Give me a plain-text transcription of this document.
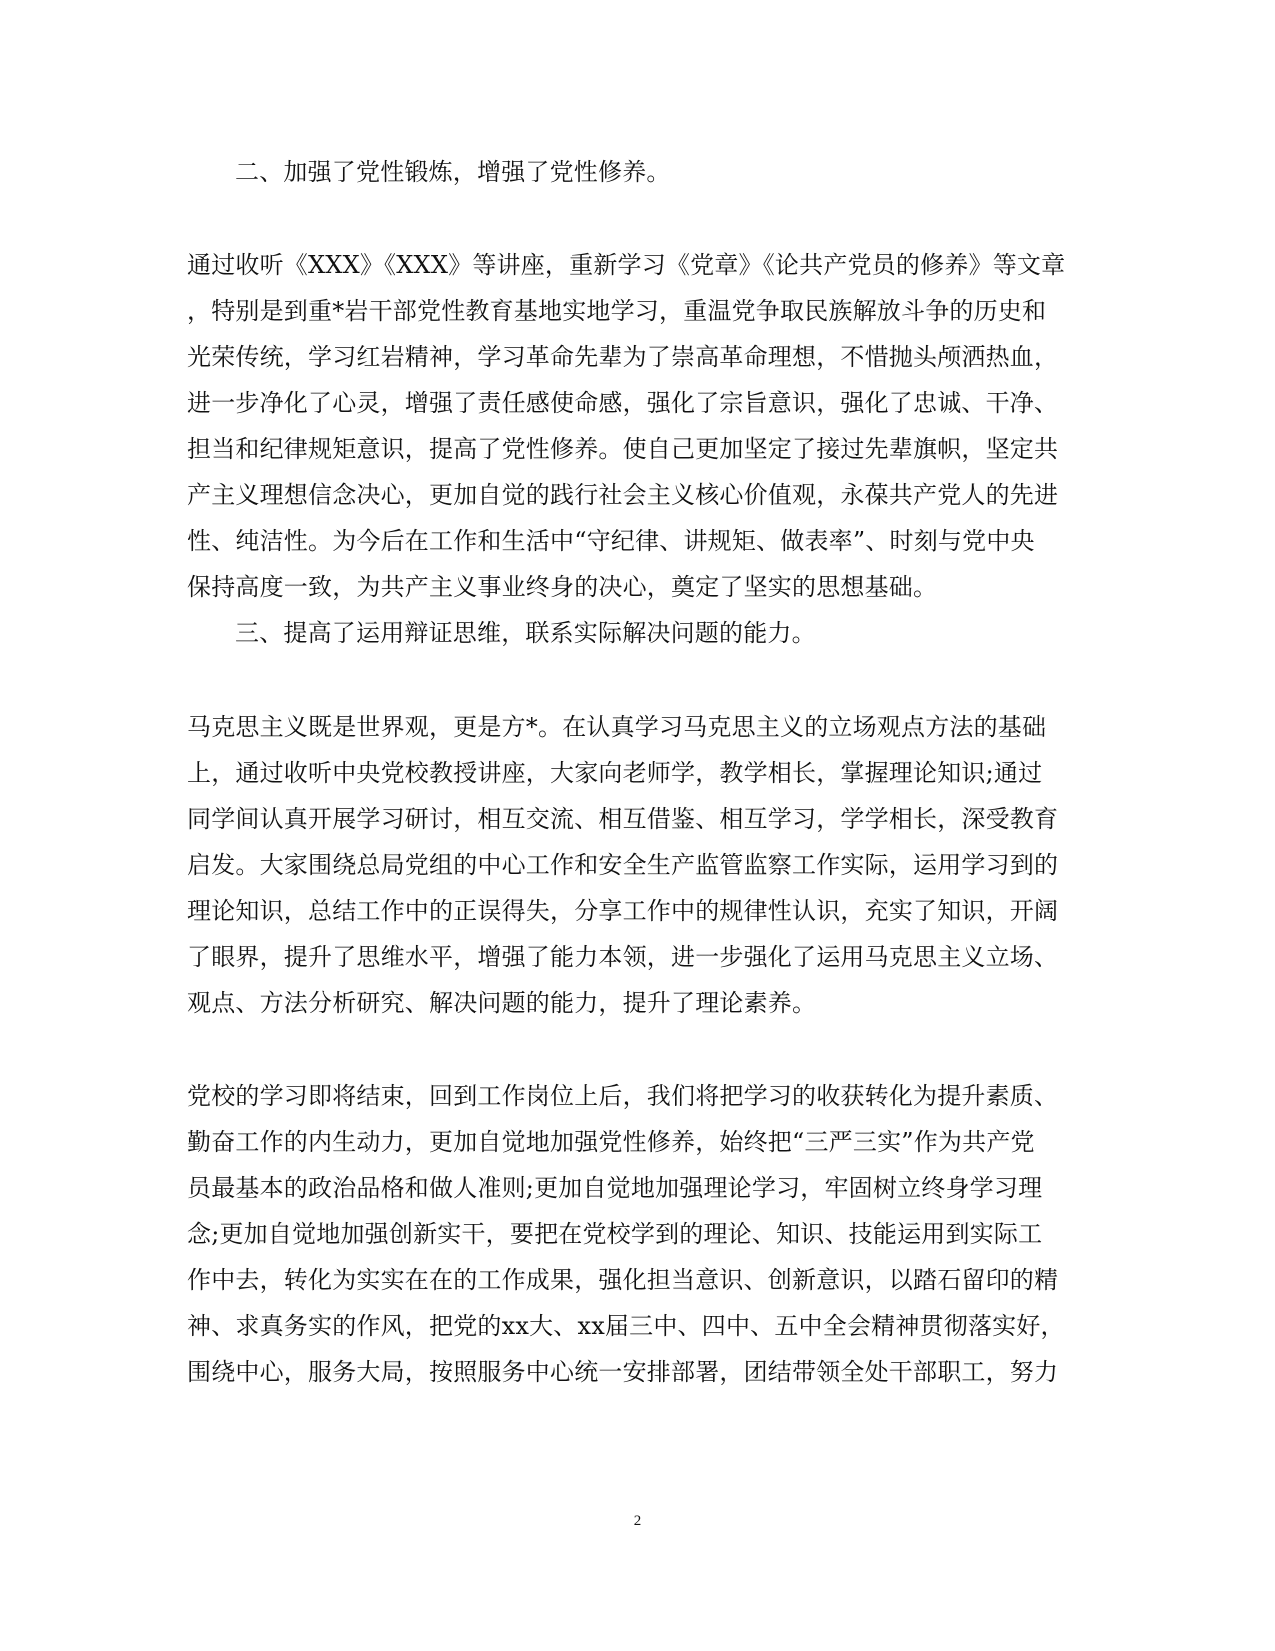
二、加强了党性锻炼，增强了党性修养。
通过收听《XXX》《XXX》等讲座，重新学习《党章》《论共产党员的修养》等文章
，特别是到重*岩干部党性教育基地实地学习，重温党争取民族解放斗争的历史和
光荣传统，学习红岩精神，学习革命先辈为了崇高革命理想，不惜抛头颅洒热血，
进一步净化了心灵，增强了责任感使命感，强化了宗旨意识，强化了忠诚、干净、
担当和纪律规矩意识，提高了党性修养。使自己更加坚定了接过先辈旗帜，坚定共
产主义理想信念决心，更加自觉的践行社会主义核心价值观，永葆共产党人的先进
性、纯洁性。为今后在工作和生活中“守纪律、讲规矩、做表率”、时刻与党中央
保持高度一致，为共产主义事业终身的决心，奠定了坚实的思想基础。
三、提高了运用辩证思维，联系实际解决问题的能力。
马克思主义既是世界观，更是方*。在认真学习马克思主义的立场观点方法的基础
上，通过收听中央党校教授讲座，大家向老师学，教学相长，掌握理论知识;通过
同学间认真开展学习研讨，相互交流、相互借鉴、相互学习，学学相长，深受教育
启发。大家围绕总局党组的中心工作和安全生产监管监察工作实际，运用学习到的
理论知识，总结工作中的正误得失，分享工作中的规律性认识，充实了知识，开阔
了眼界，提升了思维水平，增强了能力本领，进一步强化了运用马克思主义立场、
观点、方法分析研究、解决问题的能力，提升了理论素养。
党校的学习即将结束，回到工作岗位上后，我们将把学习的收获转化为提升素质、
勤奋工作的内生动力，更加自觉地加强党性修养，始终把“三严三实”作为共产党
员最基本的政治品格和做人准则;更加自觉地加强理论学习，牢固树立终身学习理
念;更加自觉地加强创新实干，要把在党校学到的理论、知识、技能运用到实际工
作中去，转化为实实在在的工作成果，强化担当意识、创新意识，以踏石留印的精
神、求真务实的作风，把党的xx大、xx届三中、四中、五中全会精神贯彻落实好，
围绕中心，服务大局，按照服务中心统一安排部署，团结带领全处干部职工，努力
2
